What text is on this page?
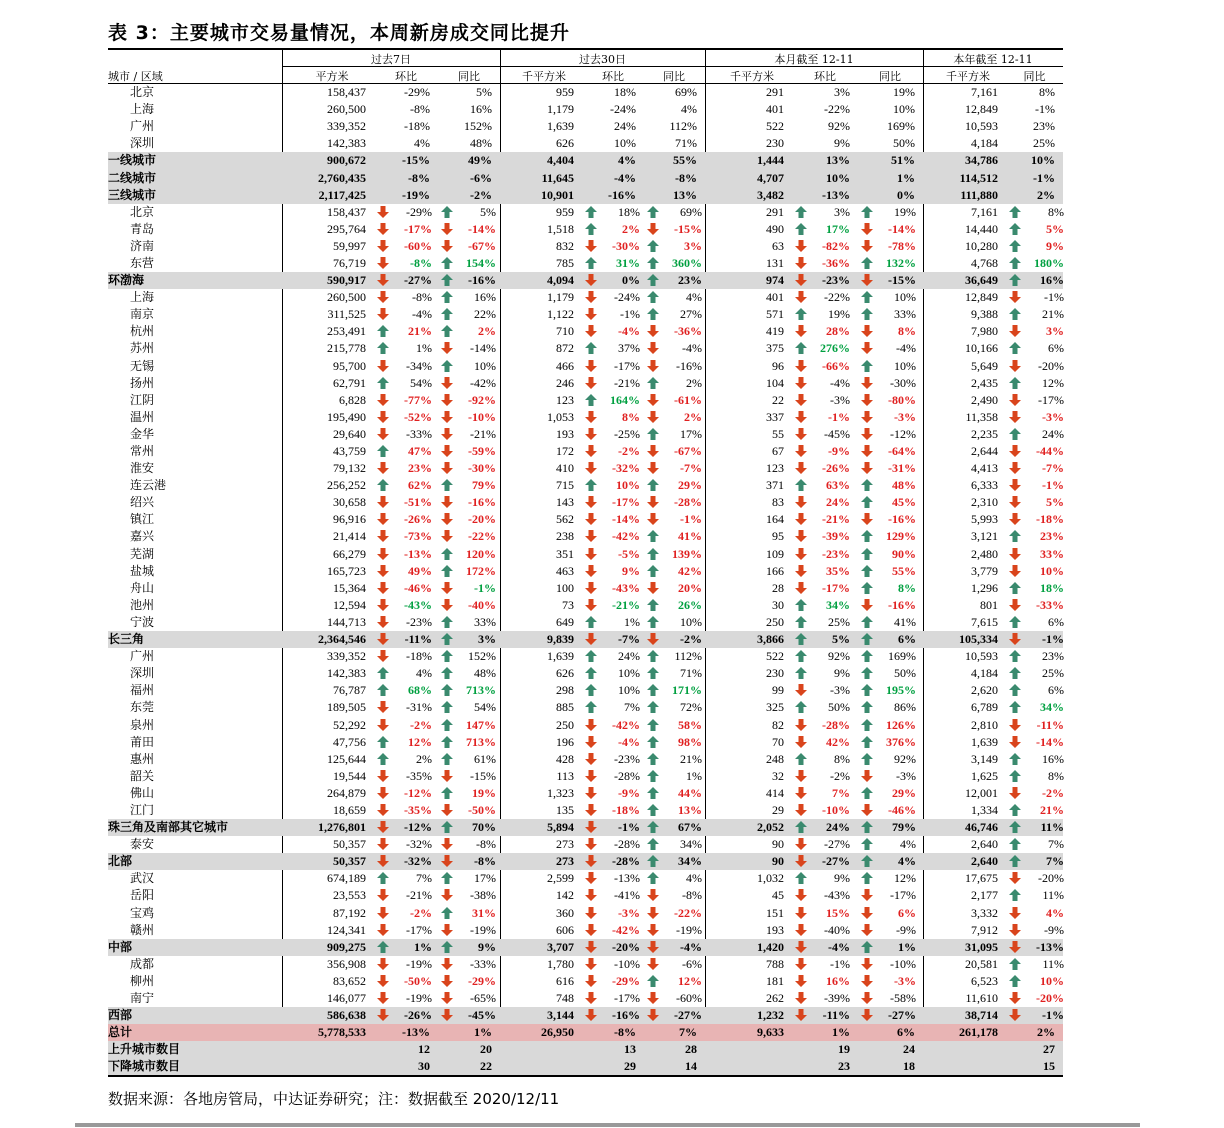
表 3：主要城市交易量情况，本周新房成交同比提升
过去7日	过去30日	本月截至 12-11	本年截至 12-11
城市 / 区域	平方米	环比	同比	千平方米	环比	同比	千平方米	环比	同比	千平方米	同比
北京	158,437	-29%	5%	959	18%	69%	291	3%	19%	7,161	8%
上海	260,500	-8%	16%	1,179	-24%	4%	401	-22%	10%	12,849	-1%
广州	339,352	-18%	152%	1,639	24%	112%	522	92%	169%	10,593	23%
深圳	142,383	4%	48%	626	10%	71%	230	9%	50%	4,184	25%
一线城市	900,672	-15%	49%	4,404	4%	55%	1,444	13%	51%	34,786	10%
二线城市	2,760,435	-8%	-6%	11,645	-4%	-8%	4,707	10%	1%	114,512	-1%
三线城市	2,117,425	-19%	-2%	10,901	-16%	13%	3,482	-13%	0%	111,880	2%
北京	158,437	-29%	5%	959	18%	69%	291	3%	19%	7,161	8%
青岛	295,764	-17%	-14%	1,518	2%	-15%	490	17%	-14%	14,440	5%
济南	59,997	-60%	-67%	832	-30%	3%	63	-82%	-78%	10,280	9%
东营	76,719	-8%	154%	785	31%	360%	131	-36%	132%	4,768	180%
环渤海	590,917	-27%	-16%	4,094	0%	23%	974	-23%	-15%	36,649	16%
上海	260,500	-8%	16%	1,179	-24%	4%	401	-22%	10%	12,849	-1%
南京	311,525	-4%	22%	1,122	-1%	27%	571	19%	33%	9,388	21%
杭州	253,491	21%	2%	710	-4%	-36%	419	28%	8%	7,980	3%
苏州	215,778	1%	-14%	872	37%	-4%	375	276%	-4%	10,166	6%
无锡	95,700	-34%	10%	466	-17%	-16%	96	-66%	10%	5,649	-20%
扬州	62,791	54%	-42%	246	-21%	2%	104	-4%	-30%	2,435	12%
江阴	6,828	-77%	-92%	123	164%	-61%	22	-3%	-80%	2,490	-17%
温州	195,490	-52%	-10%	1,053	8%	2%	337	-1%	-3%	11,358	-3%
金华	29,640	-33%	-21%	193	-25%	17%	55	-45%	-12%	2,235	24%
常州	43,759	47%	-59%	172	-2%	-67%	67	-9%	-64%	2,644	-44%
淮安	79,132	23%	-30%	410	-32%	-7%	123	-26%	-31%	4,413	-7%
连云港	256,252	62%	79%	715	10%	29%	371	63%	48%	6,333	-1%
绍兴	30,658	-51%	-16%	143	-17%	-28%	83	24%	45%	2,310	5%
镇江	96,916	-26%	-20%	562	-14%	-1%	164	-21%	-16%	5,993	-18%
嘉兴	21,414	-73%	-22%	238	-42%	41%	95	-39%	129%	3,121	23%
芜湖	66,279	-13%	120%	351	-5%	139%	109	-23%	90%	2,480	33%
盐城	165,723	49%	172%	463	9%	42%	166	35%	55%	3,779	10%
舟山	15,364	-46%	-1%	100	-43%	20%	28	-17%	8%	1,296	18%
池州	12,594	-43%	-40%	73	-21%	26%	30	34%	-16%	801	-33%
宁波	144,713	-23%	33%	649	1%	10%	250	25%	41%	7,615	6%
长三角	2,364,546	-11%	3%	9,839	-7%	-2%	3,866	5%	6%	105,334	-1%
广州	339,352	-18%	152%	1,639	24%	112%	522	92%	169%	10,593	23%
深圳	142,383	4%	48%	626	10%	71%	230	9%	50%	4,184	25%
福州	76,787	68%	713%	298	10%	171%	99	-3%	195%	2,620	6%
东莞	189,505	-31%	54%	885	7%	72%	325	50%	86%	6,789	34%
泉州	52,292	-2%	147%	250	-42%	58%	82	-28%	126%	2,810	-11%
莆田	47,756	12%	713%	196	-4%	98%	70	42%	376%	1,639	-14%
惠州	125,644	2%	61%	428	-23%	21%	248	8%	92%	3,149	16%
韶关	19,544	-35%	-15%	113	-28%	1%	32	-2%	-3%	1,625	8%
佛山	264,879	-12%	19%	1,323	-9%	44%	414	7%	29%	12,001	-2%
江门	18,659	-35%	-50%	135	-18%	13%	29	-10%	-46%	1,334	21%
珠三角及南部其它城市	1,276,801	-12%	70%	5,894	-1%	67%	2,052	24%	79%	46,746	11%
泰安	50,357	-32%	-8%	273	-28%	34%	90	-27%	4%	2,640	7%
北部	50,357	-32%	-8%	273	-28%	34%	90	-27%	4%	2,640	7%
武汉	674,189	7%	17%	2,599	-13%	4%	1,032	9%	12%	17,675	-20%
岳阳	23,553	-21%	-38%	142	-41%	-8%	45	-43%	-17%	2,177	11%
宝鸡	87,192	-2%	31%	360	-3%	-22%	151	15%	6%	3,332	4%
赣州	124,341	-17%	-19%	606	-42%	-19%	193	-40%	-9%	7,912	-9%
中部	909,275	1%	9%	3,707	-20%	-4%	1,420	-4%	1%	31,095	-13%
成都	356,908	-19%	-33%	1,780	-10%	-6%	788	-1%	-10%	20,581	11%
柳州	83,652	-50%	-29%	616	-29%	12%	181	16%	-3%	6,523	10%
南宁	146,077	-19%	-65%	748	-17%	-60%	262	-39%	-58%	11,610	-20%
西部	586,638	-26%	-45%	3,144	-16%	-27%	1,232	-11%	-27%	38,714	-1%
总计	5,778,533	-13%	1%	26,950	-8%	7%	9,633	1%	6%	261,178	2%
上升城市数目		12	20		13	28		19	24		27
下降城市数目		30	22		29	14		23	18		15
数据来源：各地房管局，中达证券研究；注：数据截至 2020/12/11
